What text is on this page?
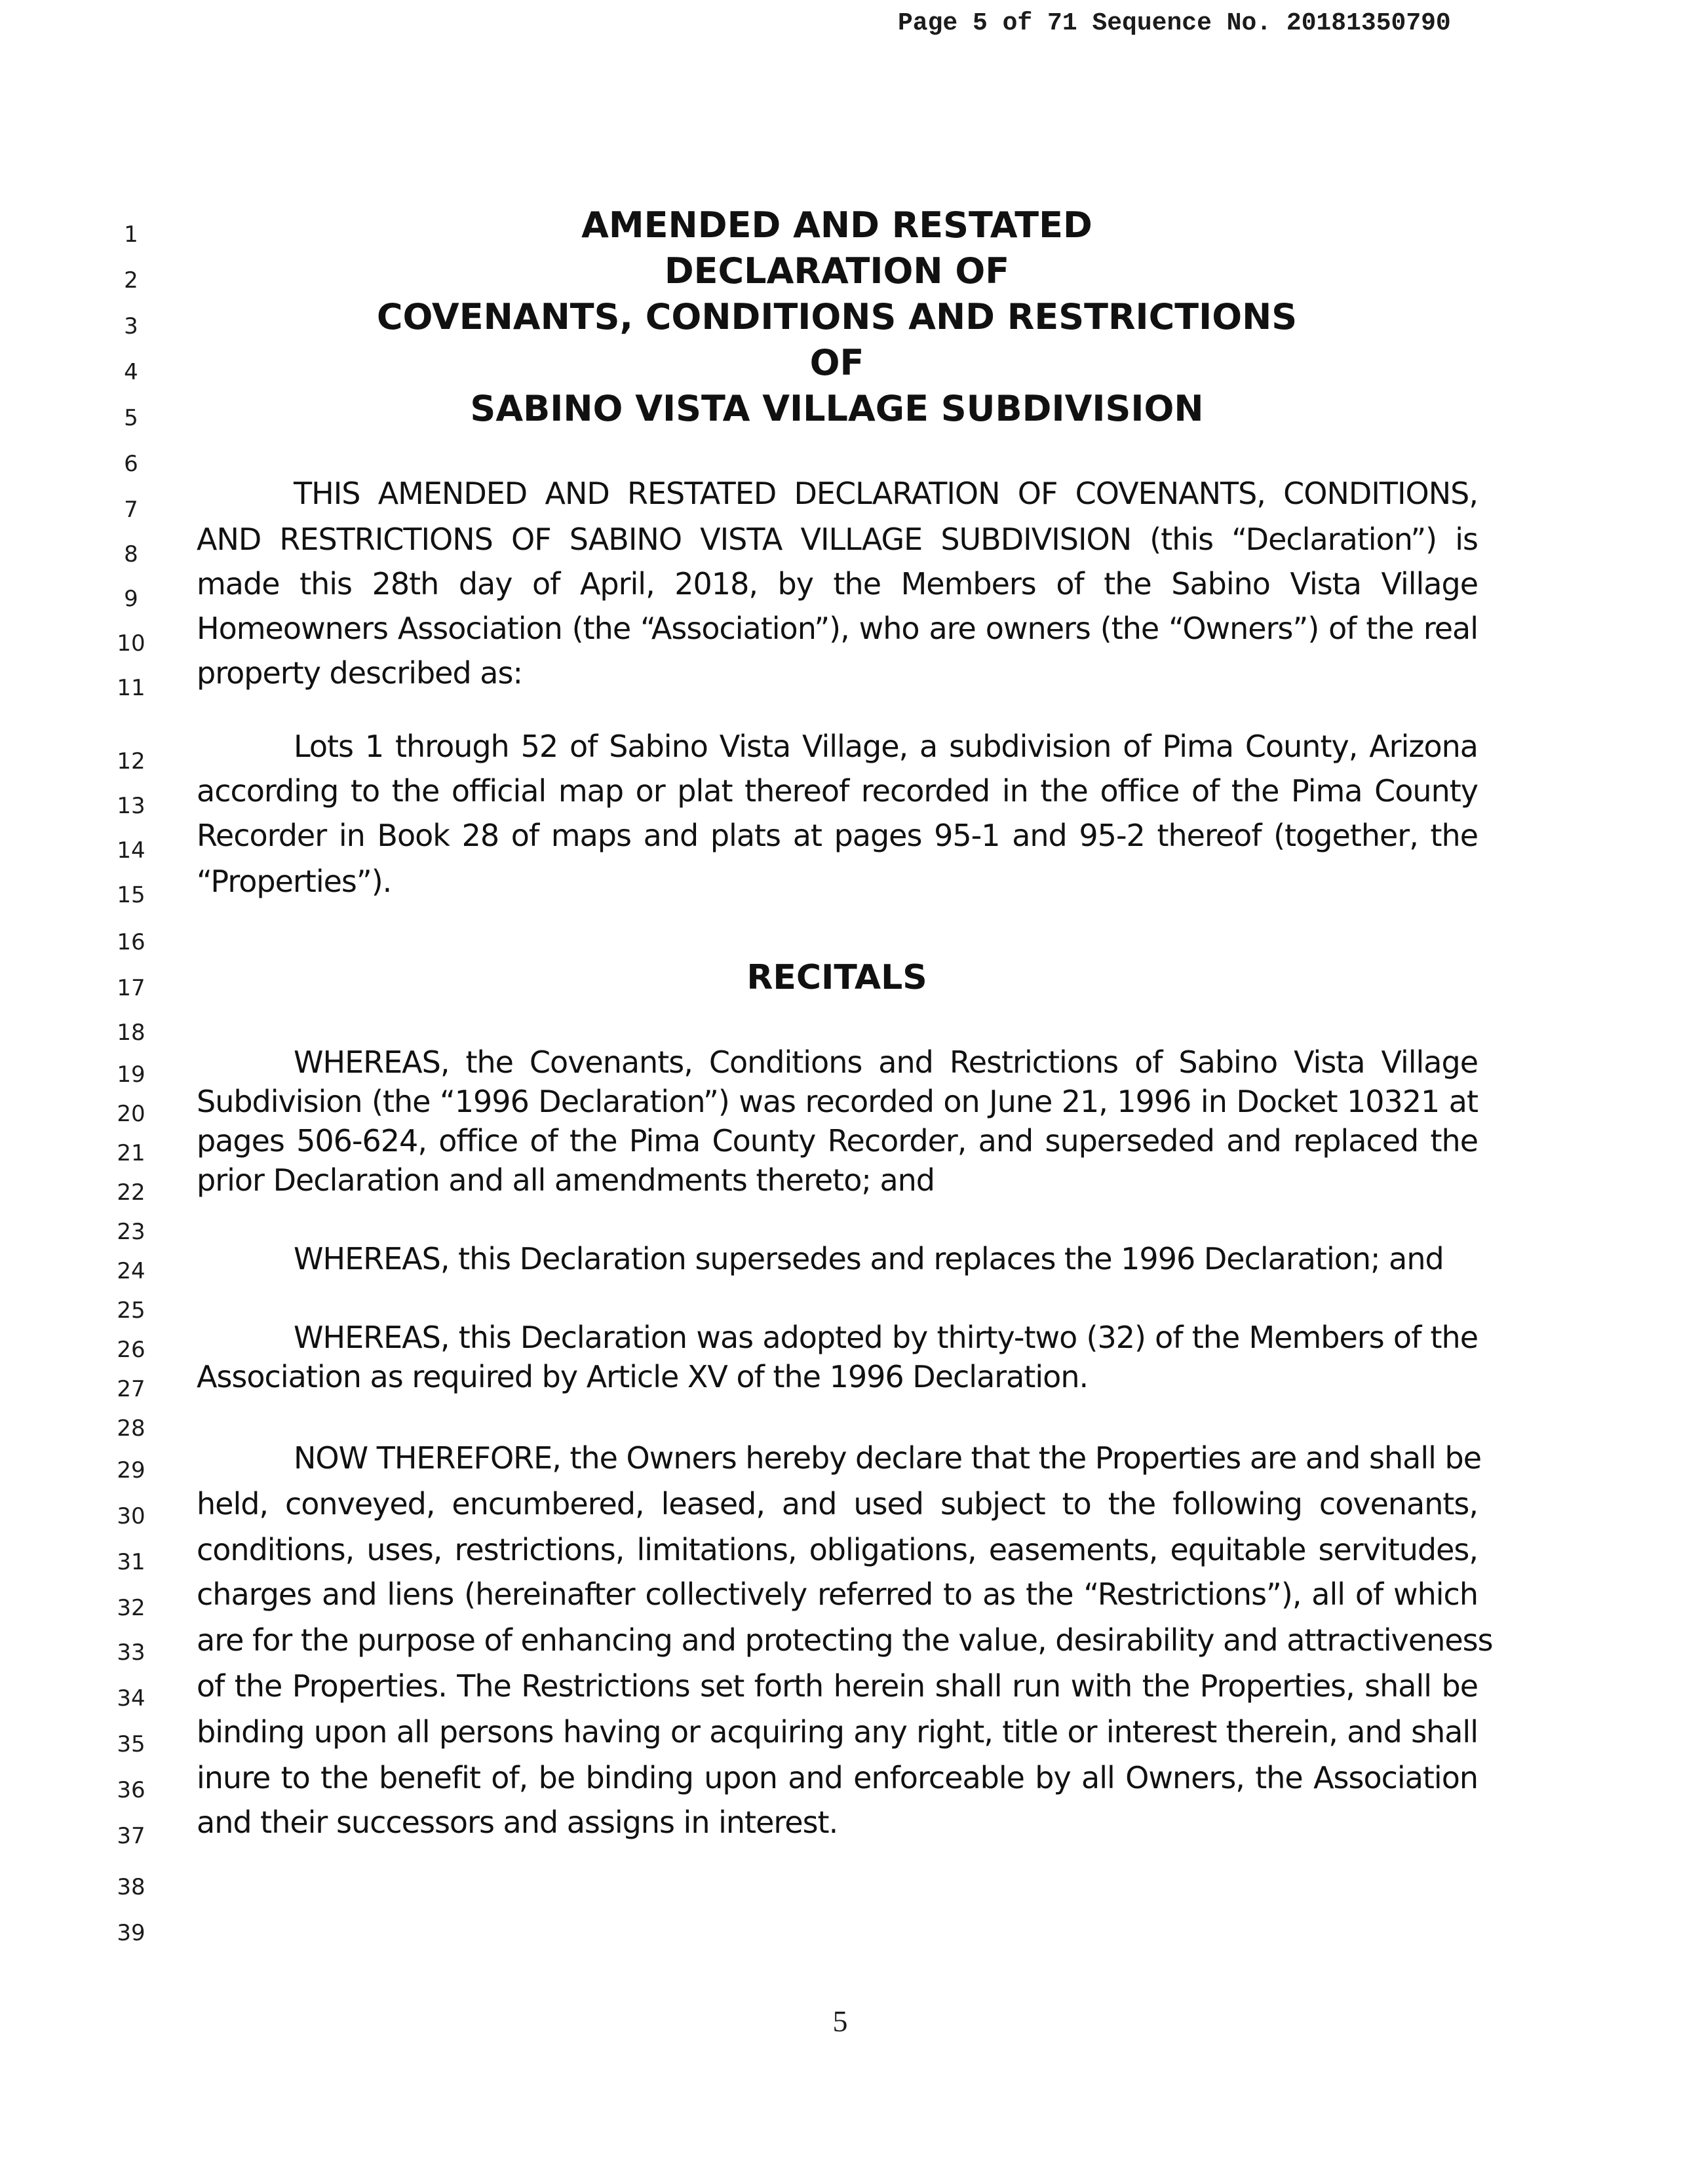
Page 5 of 71 Sequence No. 20181350790
1
2
3
4
5
6
7
8
9
10
11
12
13
14
15
16
17
18
19
20
21
22
23
24
25
26
27
28
29
30
31
32
33
34
35
36
37
38
39
AMENDED AND RESTATED
DECLARATION OF
COVENANTS, CONDITIONS AND RESTRICTIONS
OF
SABINO VISTA VILLAGE SUBDIVISION
THIS AMENDED AND RESTATED DECLARATION OF COVENANTS, CONDITIONS,
AND RESTRICTIONS OF SABINO VISTA VILLAGE SUBDIVISION (this “Declaration”) is
made this 28th day of April, 2018, by the Members of the Sabino Vista Village
Homeowners Association (the “Association”), who are owners (the “Owners”) of the real
property described as:
Lots 1 through 52 of Sabino Vista Village, a subdivision of Pima County, Arizona
according to the official map or plat thereof recorded in the office of the Pima County
Recorder in Book 28 of maps and plats at pages 95-1 and 95-2 thereof (together, the
“Properties”).
RECITALS
WHEREAS, the Covenants, Conditions and Restrictions of Sabino Vista Village
Subdivision (the “1996 Declaration”) was recorded on June 21, 1996 in Docket 10321 at
pages 506-624, office of the Pima County Recorder, and superseded and replaced the
prior Declaration and all amendments thereto; and
WHEREAS, this Declaration supersedes and replaces the 1996 Declaration; and
WHEREAS, this Declaration was adopted by thirty-two (32) of the Members of the
Association as required by Article XV of the 1996 Declaration.
NOW THEREFORE, the Owners hereby declare that the Properties are and shall be
held, conveyed, encumbered, leased, and used subject to the following covenants,
conditions, uses, restrictions, limitations, obligations, easements, equitable servitudes,
charges and liens (hereinafter collectively referred to as the “Restrictions”), all of which
are for the purpose of enhancing and protecting the value, desirability and attractiveness
of the Properties. The Restrictions set forth herein shall run with the Properties, shall be
binding upon all persons having or acquiring any right, title or interest therein, and shall
inure to the benefit of, be binding upon and enforceable by all Owners, the Association
and their successors and assigns in interest.
5
